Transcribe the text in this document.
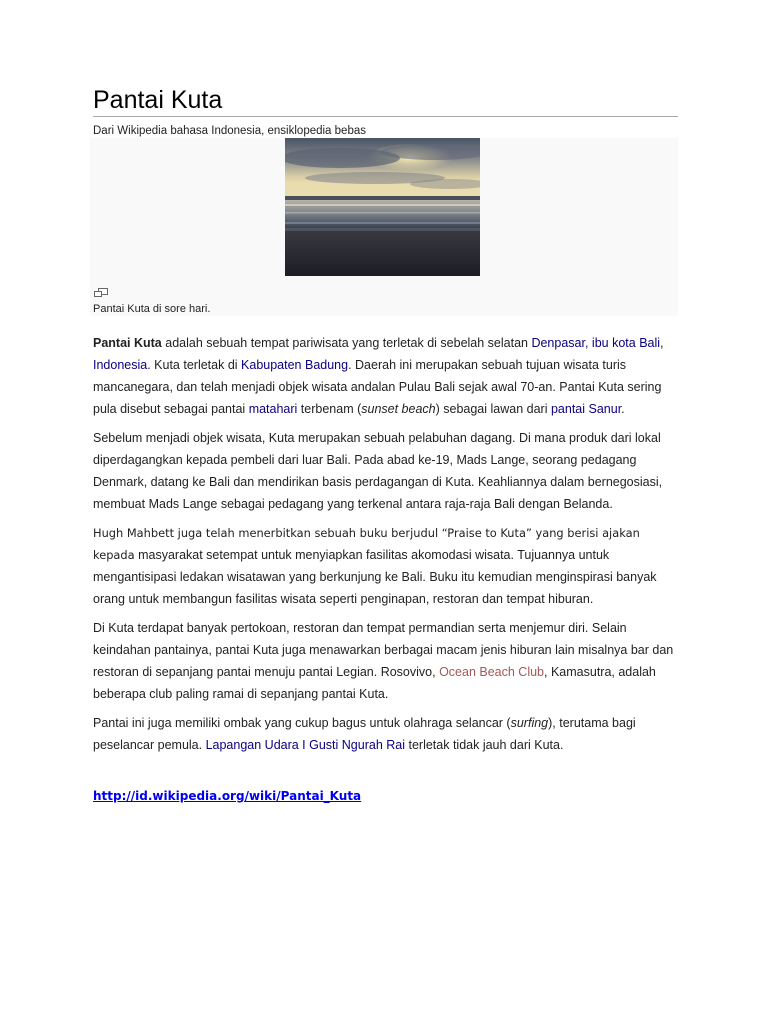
Pantai Kuta
Dari Wikipedia bahasa Indonesia, ensiklopedia bebas
Pantai Kuta di sore hari.

Pantai Kuta adalah sebuah tempat pariwisata yang terletak di sebelah selatan Denpasar, ibu kota Bali, Indonesia. Kuta terletak di Kabupaten Badung. Daerah ini merupakan sebuah tujuan wisata turis mancanegara, dan telah menjadi objek wisata andalan Pulau Bali sejak awal 70-an. Pantai Kuta sering pula disebut sebagai pantai matahari terbenam (sunset beach) sebagai lawan dari pantai Sanur.

Sebelum menjadi objek wisata, Kuta merupakan sebuah pelabuhan dagang. Di mana produk dari lokal diperdagangkan kepada pembeli dari luar Bali. Pada abad ke-19, Mads Lange, seorang pedagang Denmark, datang ke Bali dan mendirikan basis perdagangan di Kuta. Keahliannya dalam bernegosiasi, membuat Mads Lange sebagai pedagang yang terkenal antara raja-raja Bali dengan Belanda.

Hugh Mahbett juga telah menerbitkan sebuah buku berjudul “Praise to Kuta” yang berisi ajakan kepada masyarakat setempat untuk menyiapkan fasilitas akomodasi wisata. Tujuannya untuk mengantisipasi ledakan wisatawan yang berkunjung ke Bali. Buku itu kemudian menginspirasi banyak orang untuk membangun fasilitas wisata seperti penginapan, restoran dan tempat hiburan.

Di Kuta terdapat banyak pertokoan, restoran dan tempat permandian serta menjemur diri. Selain keindahan pantainya, pantai Kuta juga menawarkan berbagai macam jenis hiburan lain misalnya bar dan restoran di sepanjang pantai menuju pantai Legian. Rosovivo, Ocean Beach Club, Kamasutra, adalah beberapa club paling ramai di sepanjang pantai Kuta.

Pantai ini juga memiliki ombak yang cukup bagus untuk olahraga selancar (surfing), terutama bagi peselancar pemula. Lapangan Udara I Gusti Ngurah Rai terletak tidak jauh dari Kuta.

http://id.wikipedia.org/wiki/Pantai_Kuta
